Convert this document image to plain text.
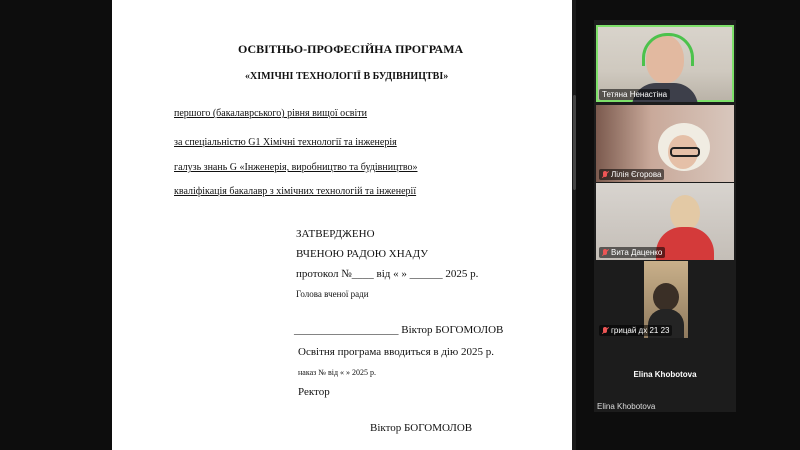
ОСВІТНЬО-ПРОФЕСІЙНА ПРОГРАМА
«ХІМІЧНІ ТЕХНОЛОГІЇ В БУДІВНИЦТВІ»
першого (бакалаврського) рівня вищої освіти
за спеціальністю G1 Хімічні технології та інженерія
галузь знань G «Інженерія, виробництво та будівництво»
кваліфікація бакалавр з хімічних технологій та інженерії
ЗАТВЕРДЖЕНО
ВЧЕНОЮ РАДОЮ ХНАДУ
протокол №____ від « » ______ 2025 р.
Голова вченої ради
___________________ Віктор БОГОМОЛОВ
Освітня програма вводиться в дію 2025 р.
наказ № від « » 2025 р.
Ректор
Віктор БОГОМОЛОВ
Тетяна Ненастіна
Лілія Єгорова
Вита Даценко
грицай дх 21 23
Elina Khobotova
Elina Khobotova
